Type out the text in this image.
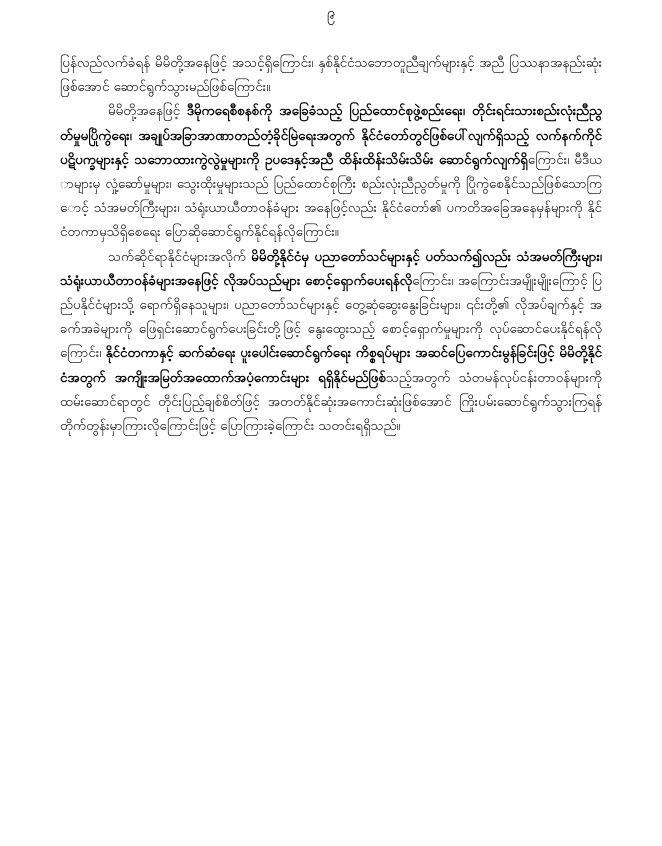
၉

ပြန်လည်လက်ခံရန် မိမိတို့အနေဖြင့် အသင့်ရှိကြောင်း၊ နှစ်နိုင်ငံသဘောတူညီချက်များနှင့် အညီ ပြဿနာအနည်းဆုံးဖြစ်အောင် ဆောင်ရွက်သွားမည်ဖြစ်ကြောင်း။

မိမိတို့အနေဖြင့် ဒီမိုကရေစီစနစ်ကို အခြေခံသည့် ပြည်ထောင်စုဖွဲ့စည်းရေး၊ တိုင်းရင်းသားစည်းလုံးညီညွတ်မှုမပြိုကွဲရေး၊ အချုပ်အခြာအာဏာတည်တံ့ခိုင်မြဲရေးအတွက် နိုင်ငံတော်တွင်ဖြစ်ပေါ်လျက်ရှိသည့် လက်နက်ကိုင်ပဋိပက္ခများနှင့် သဘောထားကွဲလွဲမှုများကို ဥပဒေနှင့်အညီ ထိန်းထိန်းသိမ်းသိမ်း ဆောင်ရွက်လျက်ရှိကြောင်း၊ မီဒီယာများမှ လှုံ့ဆော်မှုများ၊ သွေးထိုးမှုများသည် ပြည်ထောင်စုကြီး စည်းလုံးညီညွတ်မှုကို ပြိုကွဲစေနိုင်သည်ဖြစ်သောကြောင့် သံအမတ်ကြီးများ၊ သံရုံးယာယီတာဝန်ခံများ အနေဖြင့်လည်း နိုင်ငံတော်၏ ပကတိအခြေအနေမှန်များကို နိုင်ငံတကာမှသိရှိစေရေး ပြောဆိုဆောင်ရွက်နိုင်ရန်လိုကြောင်း။

သက်ဆိုင်ရာနိုင်ငံများအလိုက် မိမိတို့နိုင်ငံမှ ပညာတော်သင်များနှင့် ပတ်သက်၍လည်း သံအမတ်ကြီးများ၊ သံရုံးယာယီတာဝန်ခံများအနေဖြင့် လိုအပ်သည်များ စောင့်ရှောက်ပေးရန်လိုကြောင်း၊ အကြောင်းအမျိုးမျိုးကြောင့် ပြည်ပနိုင်ငံများသို့ ရောက်ရှိနေသူများ၊ ပညာတော်သင်များနှင့် တွေ့ဆုံဆွေးနွေးခြင်းများ၊ ၎င်းတို့၏ လိုအပ်ချက်နှင့် အခက်အခဲများကို ဖြေရှင်းဆောင်ရွက်ပေးခြင်းတို့ဖြင့် နွေးထွေးသည့် စောင့်ရှောက်မှုများကို လုပ်ဆောင်ပေးနိုင်ရန်လိုကြောင်း၊ နိုင်ငံတကာနှင့် ဆက်ဆံရေး ပူးပေါင်းဆောင်ရွက်ရေး ကိစ္စရပ်များ အဆင်ပြေကောင်းမွန်ခြင်းဖြင့် မိမိတို့နိုင်ငံအတွက် အကျိုးအမြတ်အထောက်အပံ့ကောင်းများ ရရှိနိုင်မည်ဖြစ်သည့်အတွက် သံတမန်လုပ်ငန်းတာဝန်များကို ထမ်းဆောင်ရာတွင် တိုင်းပြည့်ချစ်စိတ်ဖြင့် အတတ်နိုင်ဆုံးအကောင်းဆုံးဖြစ်အောင် ကြိုးပမ်းဆောင်ရွက်သွားကြရန် တိုက်တွန်းမှာကြားလိုကြောင်းဖြင့် ပြောကြားခဲ့ကြောင်း သတင်းရရှိသည်။
